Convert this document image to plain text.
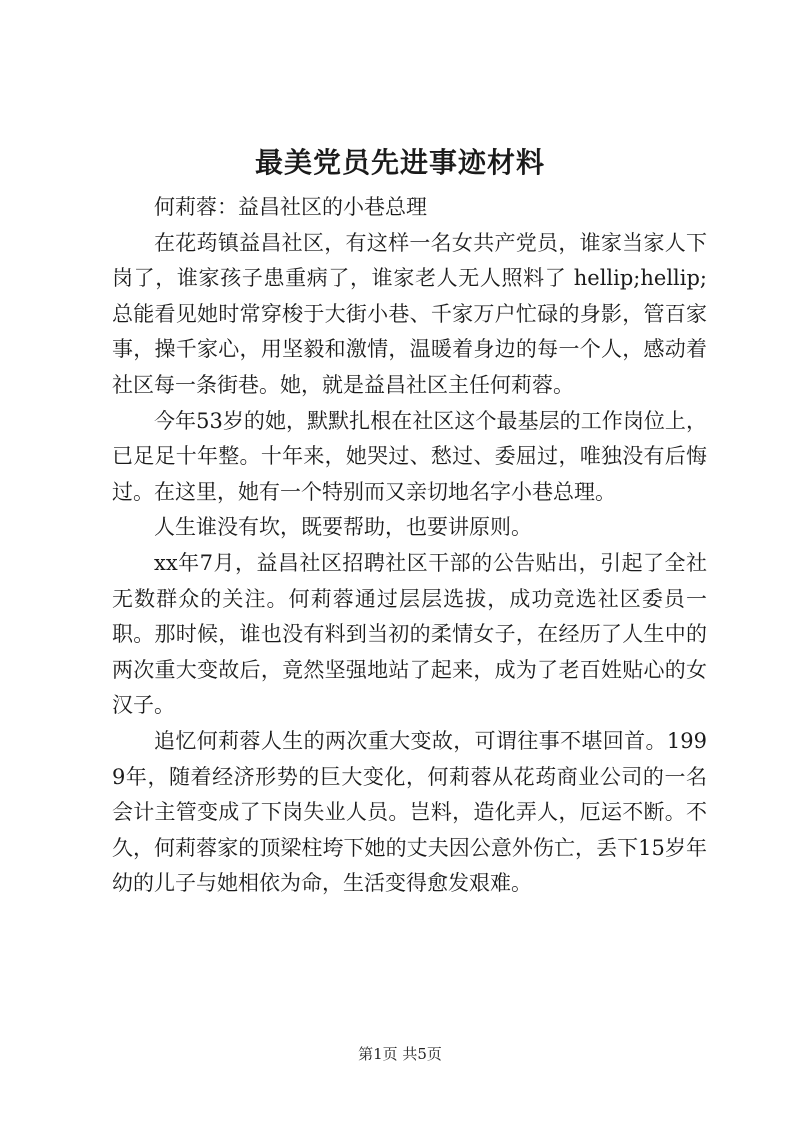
最美党员先进事迹材料

何莉蓉：益昌社区的小巷总理

在花荺镇益昌社区，有这样一名女共产党员，谁家当家人下岗了，谁家孩子患重病了，谁家老人无人照料了 hellip;hellip;总能看见她时常穿梭于大街小巷、千家万户忙碌的身影，管百家事，操千家心，用坚毅和激情，温暖着身边的每一个人，感动着社区每一条街巷。她，就是益昌社区主任何莉蓉。

今年53岁的她，默默扎根在社区这个最基层的工作岗位上，已足足十年整。十年来，她哭过、愁过、委屈过，唯独没有后悔过。在这里，她有一个特别而又亲切地名字小巷总理。

人生谁没有坎，既要帮助，也要讲原则。

xx年7月，益昌社区招聘社区干部的公告贴出，引起了全社无数群众的关注。何莉蓉通过层层选拔，成功竞选社区委员一职。那时候，谁也没有料到当初的柔情女子，在经历了人生中的两次重大变故后，竟然坚强地站了起来，成为了老百姓贴心的女汉子。

追忆何莉蓉人生的两次重大变故，可谓往事不堪回首。1999年，随着经济形势的巨大变化，何莉蓉从花荺商业公司的一名会计主管变成了下岗失业人员。岂料，造化弄人，厄运不断。不久，何莉蓉家的顶梁柱垮下她的丈夫因公意外伤亡，丢下15岁年幼的儿子与她相依为命，生活变得愈发艰难。

第1页 共5页
